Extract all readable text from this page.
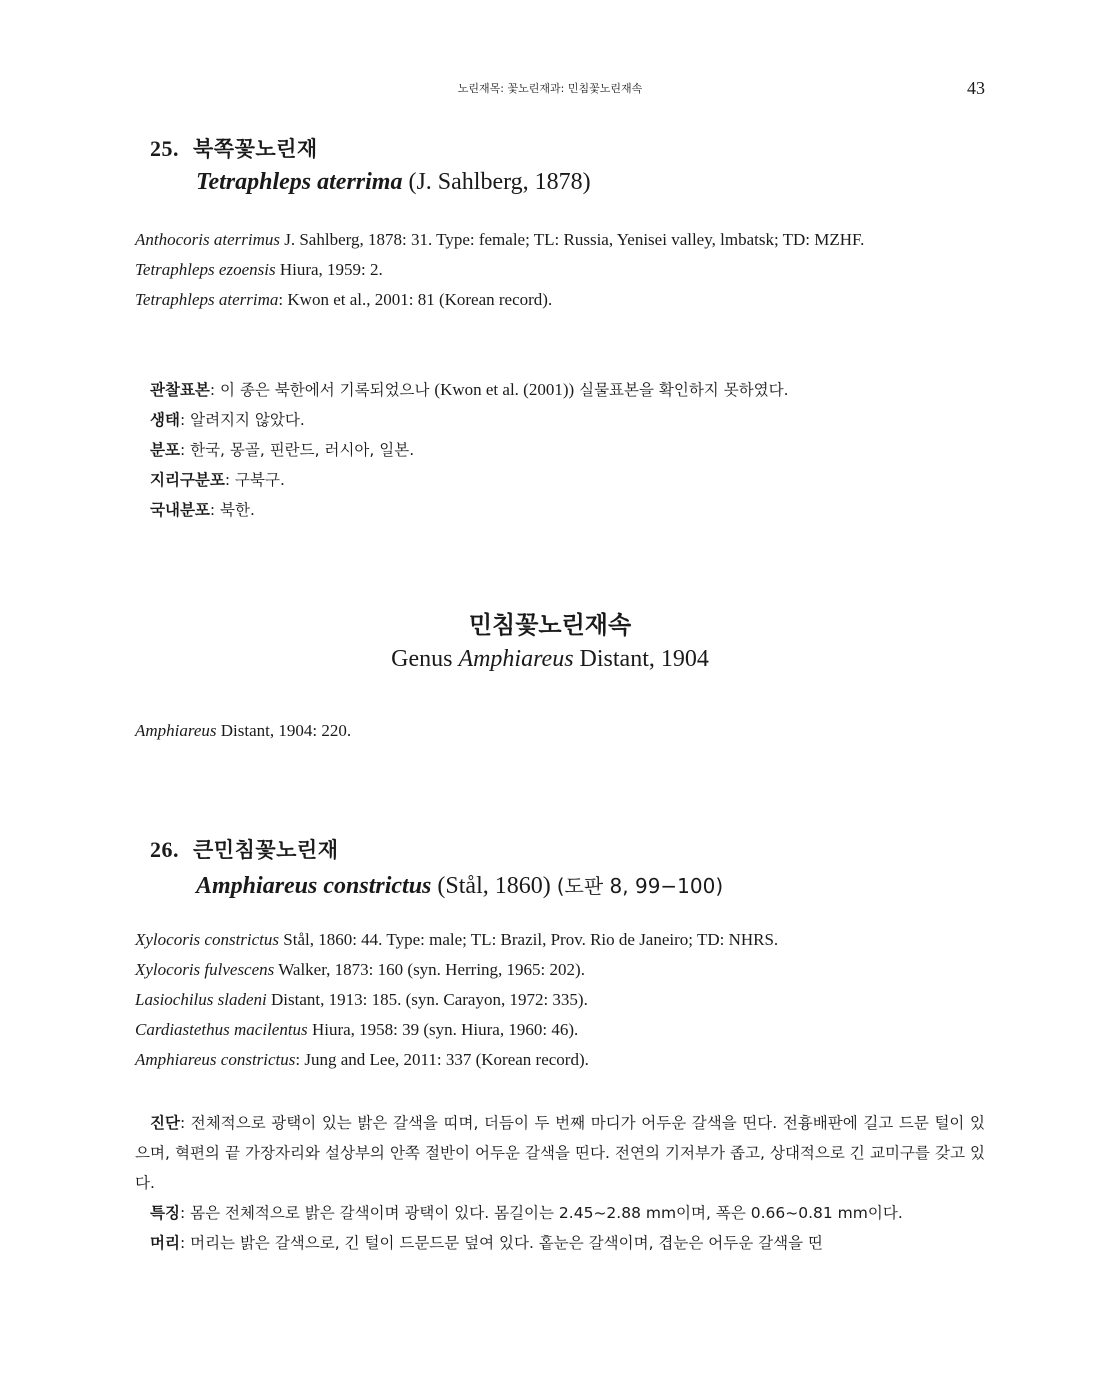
노린재목: 꽃노린재과: 민침꽃노린재속	43
25. 북쪽꽃노린재
Tetraphleps aterrima (J. Sahlberg, 1878)

Anthocoris aterrimus J. Sahlberg, 1878: 31. Type: female; TL: Russia, Yenisei valley, lmbatsk; TD: MZHF.

Tetraphleps ezoensis Hiura, 1959: 2.

Tetraphleps aterrima: Kwon et al., 2001: 81 (Korean record).

관찰표본: 이 종은 북한에서 기록되었으나 (Kwon et al. (2001)) 실물표본을 확인하지 못하였다.

생태: 알려지지 않았다.

분포: 한국, 몽골, 핀란드, 러시아, 일본.

지리구분포: 구북구.

국내분포: 북한.

민침꽃노린재속
Genus Amphiareus Distant, 1904

Amphiareus Distant, 1904: 220.

26. 큰민침꽃노린재
Amphiareus constrictus (Stål, 1860) (도판 8, 99−100)

Xylocoris constrictus Stål, 1860: 44. Type: male; TL: Brazil, Prov. Rio de Janeiro; TD: NHRS.

Xylocoris fulvescens Walker, 1873: 160 (syn. Herring, 1965: 202).

Lasiochilus sladeni Distant, 1913: 185. (syn. Carayon, 1972: 335).

Cardiastethus macilentus Hiura, 1958: 39 (syn. Hiura, 1960: 46).

Amphiareus constrictus: Jung and Lee, 2011: 337 (Korean record).

진단: 전체적으로 광택이 있는 밝은 갈색을 띠며, 더듬이 두 번째 마디가 어두운 갈색을 띤다. 전흉배판에 길고 드문 털이 있으며, 혁편의 끝 가장자리와 설상부의 안쪽 절반이 어두운 갈색을 띤다. 전연의 기저부가 좁고, 상대적으로 긴 교미구를 갖고 있다.

특징: 몸은 전체적으로 밝은 갈색이며 광택이 있다. 몸길이는 2.45~2.88 mm이며, 폭은 0.66~0.81 mm이다.

머리: 머리는 밝은 갈색으로, 긴 털이 드문드문 덮여 있다. 홑눈은 갈색이며, 겹눈은 어두운 갈색을 띤
